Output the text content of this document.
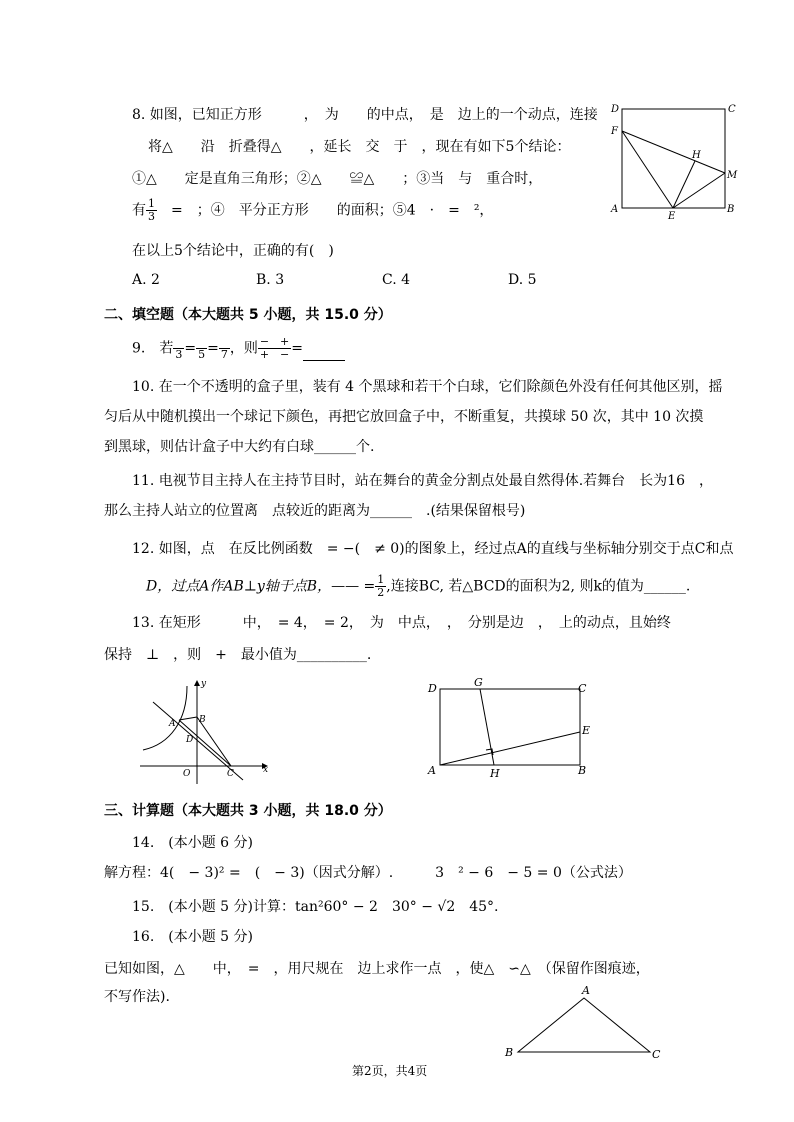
8. 如图，已知正方形　　　，　为　　的中点，　是　边上的一个动点，连接
将△　　沿　折叠得△　　，延长　交　于　，现在有如下5个结论：
①△　　定是直角三角形；②△　　≌△　　；③当　与　重合时，
有 $\frac{1}{3}$ 　=　；④　平分正方形　　的面积；⑤4　·　=　²，
在以上5个结论中，正确的有(　)
A. 2	B. 3	C. 4	D. 5
D	C
F
H
M
A
E
B
二、填空题（本大题共 5 小题，共 15.0 分）
9.　若
3 =
5 =
7 ，则 $\frac{- +}{+ -}$ =
10. 在一个不透明的盒子里，装有 4 个黑球和若干个白球，它们除颜色外没有任何其他区别，摇
匀后从中随机摸出一个球记下颜色，再把它放回盒子中，不断重复，共摸球 50 次，其中 10 次摸
到黑球，则估计盒子中大约有白球______个.
11. 电视节目主持人在主持节目时，站在舞台的黄金分割点处最自然得体.若舞台　长为16　，
那么主持人站立的位置离　点较近的距离为______　.(结果保留根号)
12. 如图，点　在反比例函数　= −(　≠ 0)的图象上，经过点A的直线与坐标轴分别交于点C和点
D，过点A作AB⊥y轴于点B，—— = $\frac{1}{2}$ ,连接BC, 若△BCD的面积为2, 则k的值为______.
13. 在矩形　　　中，　= 4，　= 2，　为　中点，　，　分别是边　，　上的动点，且始终
保持　⊥　，则　+　最小值为__________.
y
x
A	B
D
O	C
D	G	C
E
A	H	B
三、计算题（本大题共 3 小题，共 18.0 分）
14.　(本小题 6 分)
解方程：4(　− 3)² =　(　− 3)（因式分解）.　　　3　² − 6　− 5 = 0（公式法）
15.　(本小题 5 分)计算：tan²60° − 2　30° − √2　45°.
16.　(本小题 5 分)
已知如图，△　　中，　=　，用尺规在　边上求作一点　，使△　∽△　（保留作图痕迹，
不写作法).	A
B	C
第2页，共4页
